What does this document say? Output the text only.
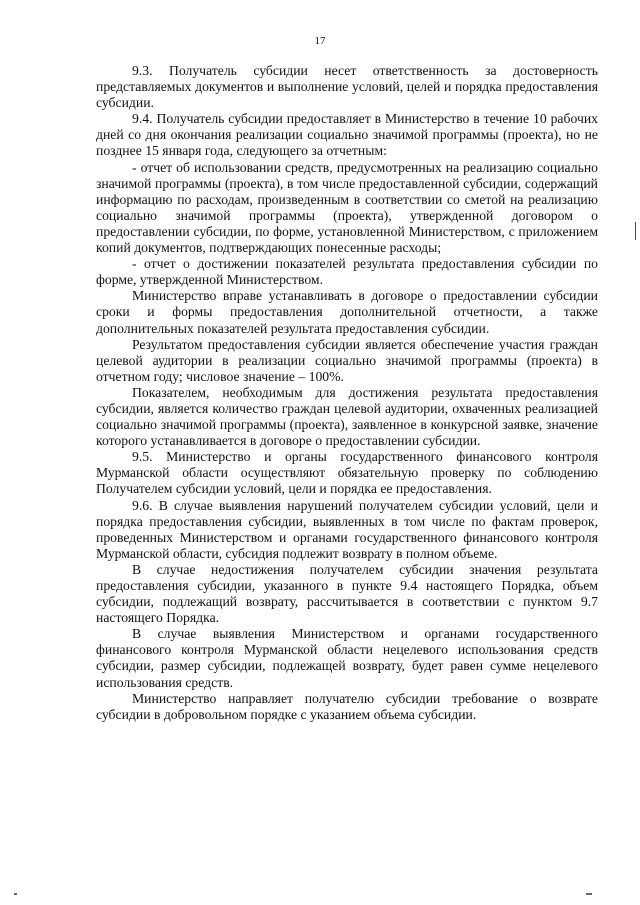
17

9.3. Получатель субсидии несет ответственность за достоверность представляемых документов и выполнение условий, целей и порядка предоставления субсидии.

9.4. Получатель субсидии предоставляет в Министерство в течение 10 рабочих дней со дня окончания реализации социально значимой программы (проекта), но не позднее 15 января года, следующего за отчетным:

- отчет об использовании средств, предусмотренных на реализацию социально значимой программы (проекта), в том числе предоставленной субсидии, содержащий информацию по расходам, произведенным в соответствии со сметой на реализацию социально значимой программы (проекта), утвержденной договором о предоставлении субсидии, по форме, установленной Министерством, с приложением копий документов, подтверждающих понесенные расходы;

- отчет о достижении показателей результата предоставления субсидии по форме, утвержденной Министерством.

Министерство вправе устанавливать в договоре о предоставлении субсидии сроки и формы предоставления дополнительной отчетности, а также дополнительных показателей результата предоставления субсидии.

Результатом предоставления субсидии является обеспечение участия граждан целевой аудитории в реализации социально значимой программы (проекта) в отчетном году; числовое значение – 100%.

Показателем, необходимым для достижения результата предоставления субсидии, является количество граждан целевой аудитории, охваченных реализацией социально значимой программы (проекта), заявленное в конкурсной заявке, значение которого устанавливается в договоре о предоставлении субсидии.

9.5. Министерство и органы государственного финансового контроля Мурманской области осуществляют обязательную проверку по соблюдению Получателем субсидии условий, цели и порядка ее предоставления.

9.6. В случае выявления нарушений получателем субсидии условий, цели и порядка предоставления субсидии, выявленных в том числе по фактам проверок, проведенных Министерством и органами государственного финансового контроля Мурманской области, субсидия подлежит возврату в полном объеме.

В случае недостижения получателем субсидии значения результата предоставления субсидии, указанного в пункте 9.4 настоящего Порядка, объем субсидии, подлежащий возврату, рассчитывается в соответствии с пунктом 9.7 настоящего Порядка.

В случае выявления Министерством и органами государственного финансового контроля Мурманской области нецелевого использования средств субсидии, размер субсидии, подлежащей возврату, будет равен сумме нецелевого использования средств.

Министерство направляет получателю субсидии требование о возврате субсидии в добровольном порядке с указанием объема субсидии.
